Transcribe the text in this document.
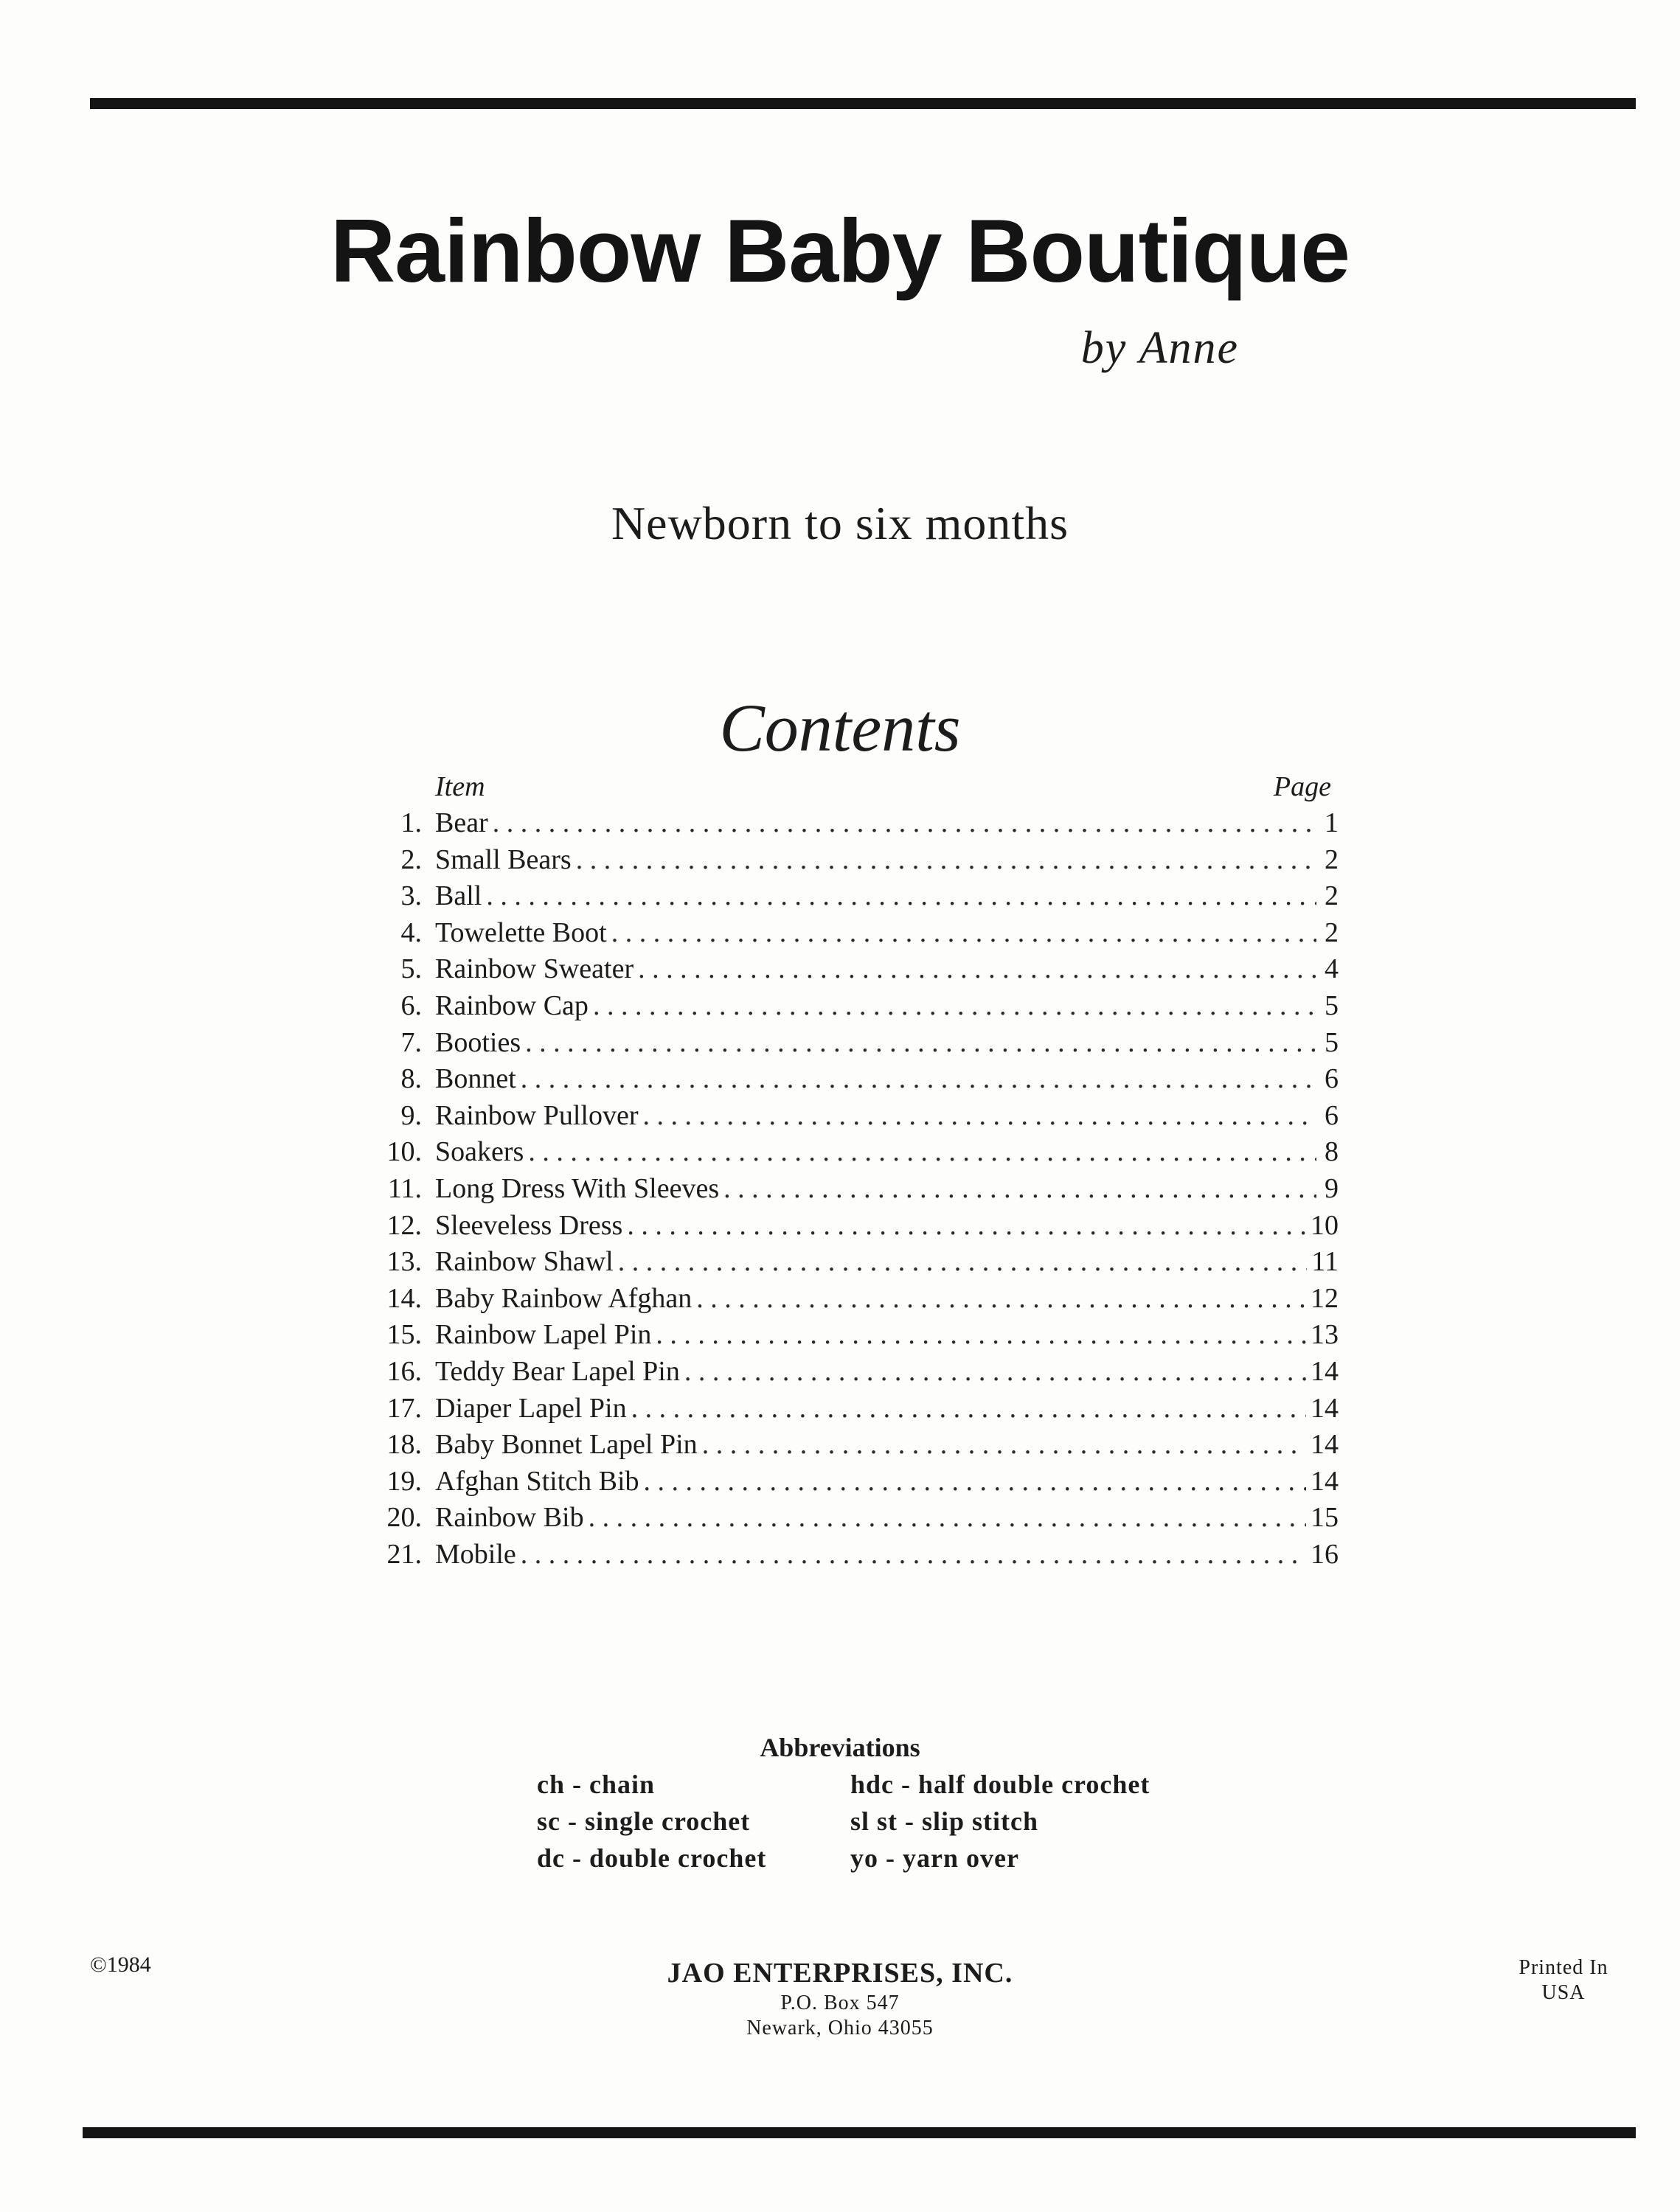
Rainbow Baby Boutique
by Anne
Newborn to six months
Contents
Item	Page
1. Bear . . .	1
2. Small Bears . . .	2
3. Ball . . .	2
4. Towelette Boot . . .	2
5. Rainbow Sweater . . .	4
6. Rainbow Cap . . .	5
7. Booties . . .	5
8. Bonnet . . .	6
9. Rainbow Pullover . . .	6
10. Soakers . . .	8
11. Long Dress With Sleeves . . .	9
12. Sleeveless Dress . . .	10
13. Rainbow Shawl . . .	11
14. Baby Rainbow Afghan . . .	12
15. Rainbow Lapel Pin . . .	13
16. Teddy Bear Lapel Pin . . .	14
17. Diaper Lapel Pin . . .	14
18. Baby Bonnet Lapel Pin . . .	14
19. Afghan Stitch Bib . . .	14
20. Rainbow Bib . . .	15
21. Mobile . . .	16
Abbreviations
ch - chain	hdc - half double crochet
sc - single crochet	sl st - slip stitch
dc - double crochet	yo - yarn over
©1984	JAO ENTERPRISES, INC.
P.O. Box 547
Newark, Ohio 43055
Printed In
USA
